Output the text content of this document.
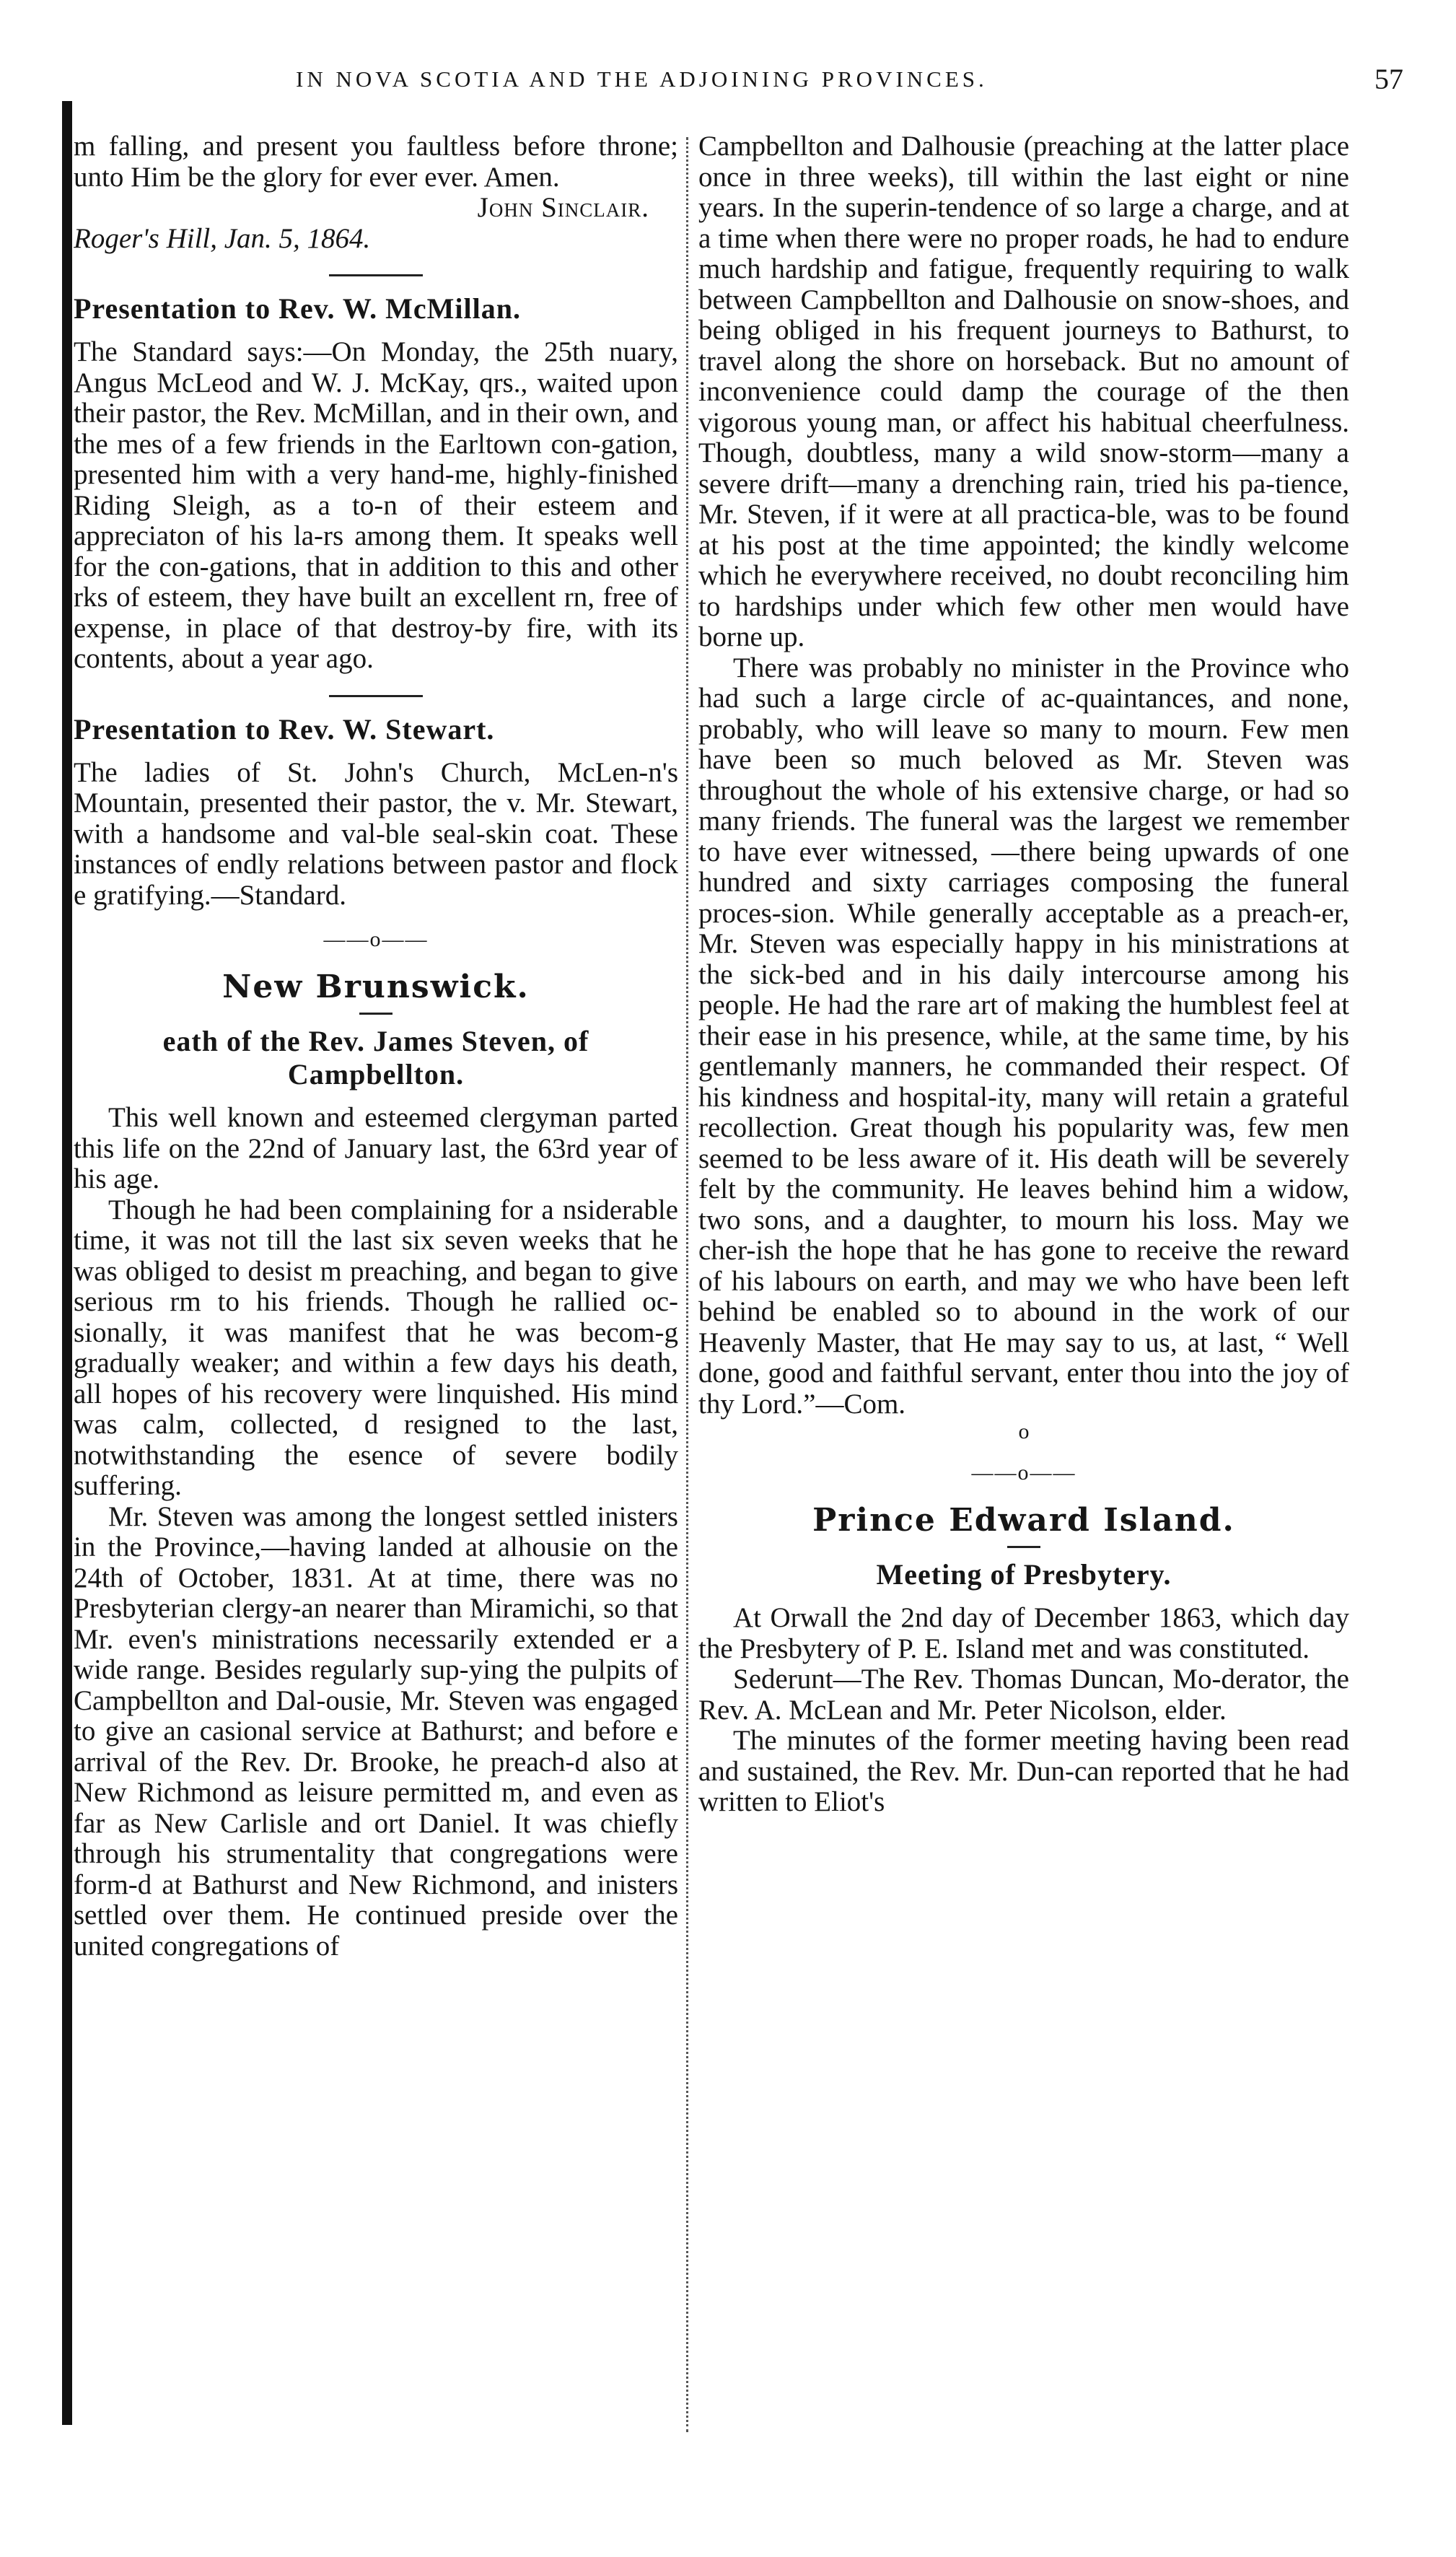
IN NOVA SCOTIA AND THE ADJOINING PROVINCES.	57

m falling, and present you faultless before throne; unto Him be the glory for ever ever. Amen.

John Sinclair.
Roger's Hill, Jan. 5, 1864.
Presentation to Rev. W. McMillan.

The Standard says:—On Monday, the 25th nuary, Angus McLeod and W. J. McKay, qrs., waited upon their pastor, the Rev. McMillan, and in their own, and the mes of a few friends in the Earltown con-gation, presented him with a very hand-me, highly-finished Riding Sleigh, as a to-n of their esteem and appreciaton of his la-rs among them. It speaks well for the con-gations, that in addition to this and other rks of esteem, they have built an excellent rn, free of expense, in place of that destroy-by fire, with its contents, about a year ago.

Presentation to Rev. W. Stewart.

The ladies of St. John's Church, McLen-n's Mountain, presented their pastor, the v. Mr. Stewart, with a handsome and val-ble seal-skin coat. These instances of endly relations between pastor and flock e gratifying.—Standard.

——o——
New Brunswick.
eath of the Rev. James Steven, of Campbellton.

This well known and esteemed clergyman parted this life on the 22nd of January last, the 63rd year of his age.

Though he had been complaining for a nsiderable time, it was not till the last six seven weeks that he was obliged to desist m preaching, and began to give serious rm to his friends. Though he rallied oc-sionally, it was manifest that he was becom-g gradually weaker; and within a few days his death, all hopes of his recovery were linquished. His mind was calm, collected, d resigned to the last, notwithstanding the esence of severe bodily suffering.

Mr. Steven was among the longest settled inisters in the Province,—having landed at alhousie on the 24th of October, 1831. At at time, there was no Presbyterian clergy-an nearer than Miramichi, so that Mr. even's ministrations necessarily extended er a wide range. Besides regularly sup-ying the pulpits of Campbellton and Dal-ousie, Mr. Steven was engaged to give an casional service at Bathurst; and before e arrival of the Rev. Dr. Brooke, he preach-d also at New Richmond as leisure permitted m, and even as far as New Carlisle and ort Daniel. It was chiefly through his strumentality that congregations were form-d at Bathurst and New Richmond, and inisters settled over them. He continued preside over the united congregations of

Campbellton and Dalhousie (preaching at the latter place once in three weeks), till within the last eight or nine years. In the superin-tendence of so large a charge, and at a time when there were no proper roads, he had to endure much hardship and fatigue, frequently requiring to walk between Campbellton and Dalhousie on snow-shoes, and being obliged in his frequent journeys to Bathurst, to travel along the shore on horseback. But no amount of inconvenience could damp the courage of the then vigorous young man, or affect his habitual cheerfulness. Though, doubtless, many a wild snow-storm—many a severe drift—many a drenching rain, tried his pa-tience, Mr. Steven, if it were at all practica-ble, was to be found at his post at the time appointed; the kindly welcome which he everywhere received, no doubt reconciling him to hardships under which few other men would have borne up.

There was probably no minister in the Province who had such a large circle of ac-quaintances, and none, probably, who will leave so many to mourn. Few men have been so much beloved as Mr. Steven was throughout the whole of his extensive charge, or had so many friends. The funeral was the largest we remember to have ever witnessed, —there being upwards of one hundred and sixty carriages composing the funeral proces-sion. While generally acceptable as a preach-er, Mr. Steven was especially happy in his ministrations at the sick-bed and in his daily intercourse among his people. He had the rare art of making the humblest feel at their ease in his presence, while, at the same time, by his gentlemanly manners, he commanded their respect. Of his kindness and hospital-ity, many will retain a grateful recollection. Great though his popularity was, few men seemed to be less aware of it. His death will be severely felt by the community. He leaves behind him a widow, two sons, and a daughter, to mourn his loss. May we cher-ish the hope that he has gone to receive the reward of his labours on earth, and may we who have been left behind be enabled so to abound in the work of our Heavenly Master, that He may say to us, at last, “ Well done, good and faithful servant, enter thou into the joy of thy Lord.”—Com.

o
——o——
Prince Edward Island.
Meeting of Presbytery.

At Orwall the 2nd day of December 1863, which day the Presbytery of P. E. Island met and was constituted.

Sederunt—The Rev. Thomas Duncan, Mo-derator, the Rev. A. McLean and Mr. Peter Nicolson, elder.

The minutes of the former meeting having been read and sustained, the Rev. Mr. Dun-can reported that he had written to Eliot's
